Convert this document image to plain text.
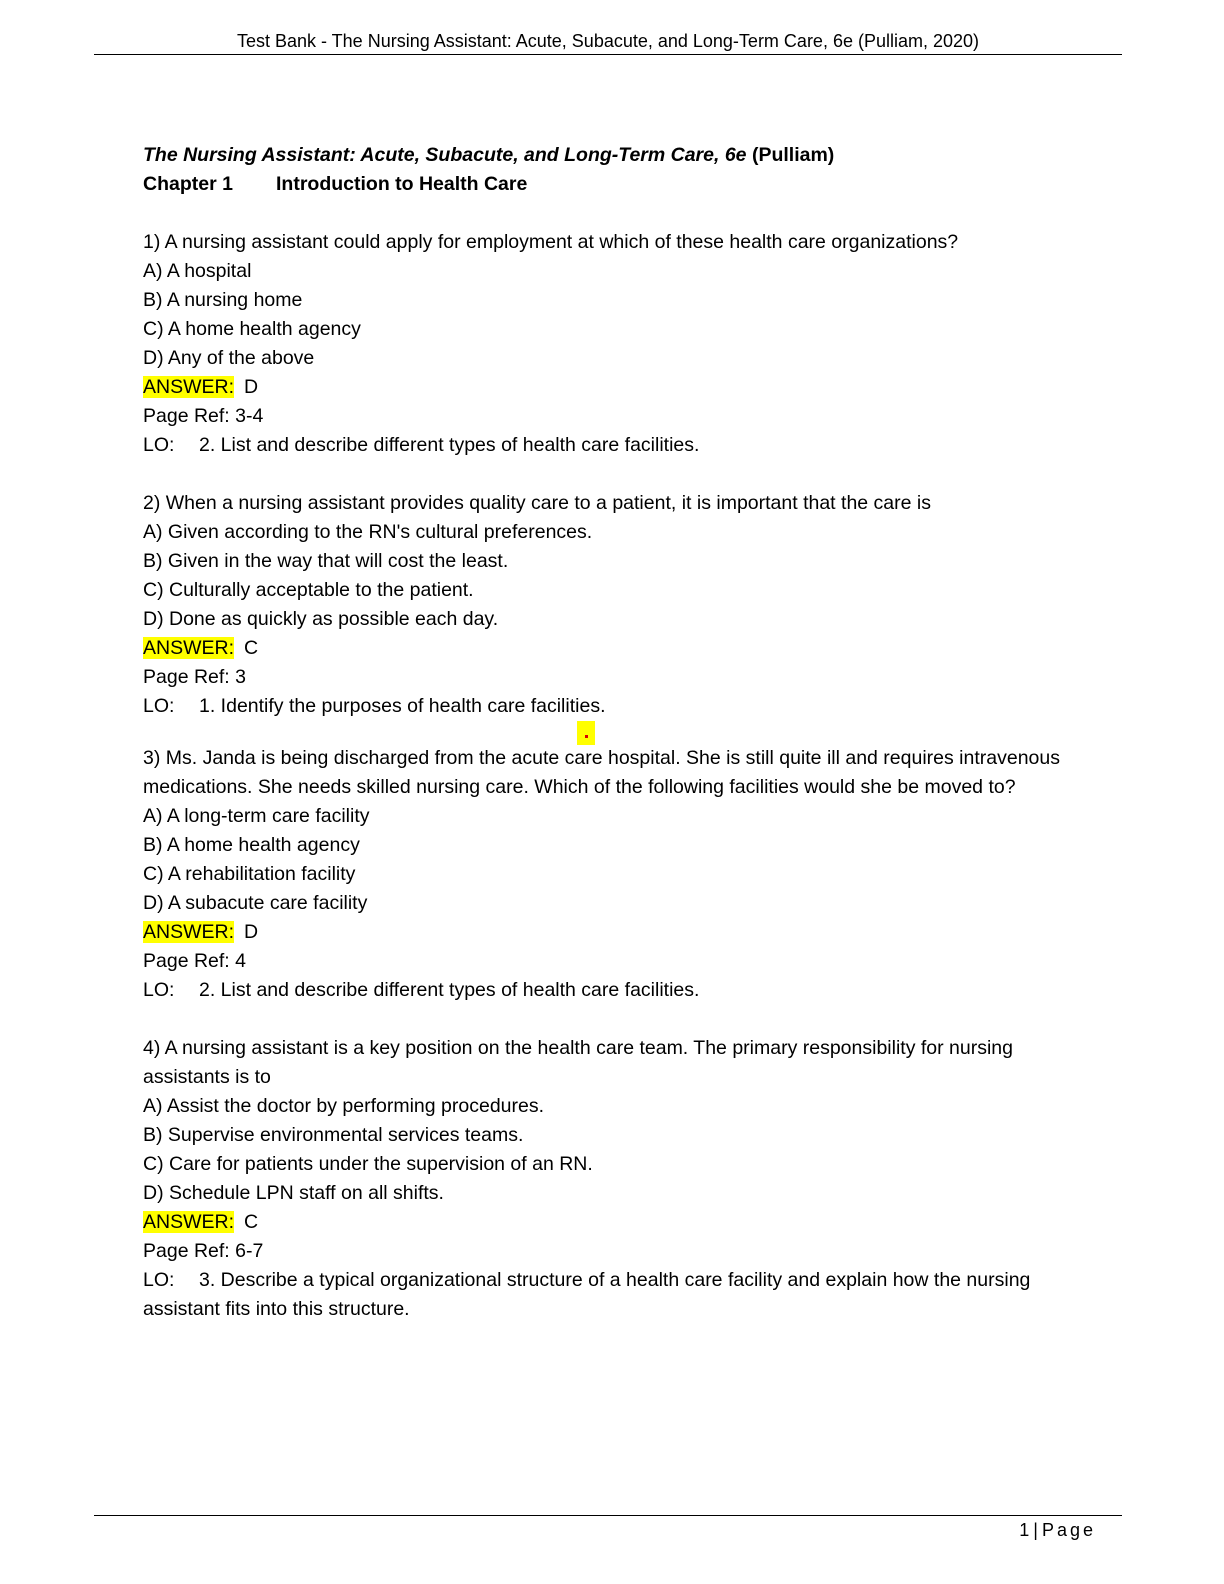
Test Bank - The Nursing Assistant: Acute, Subacute, and Long-Term Care, 6e (Pulliam, 2020)

The Nursing Assistant: Acute, Subacute, and Long-Term Care, 6e (Pulliam)

Chapter 1 Introduction to Health Care

1) A nursing assistant could apply for employment at which of these health care organizations?

A) A hospital

B) A nursing home

C) A home health agency

D) Any of the above

ANSWER: D

Page Ref: 3-4

LO: 2. List and describe different types of health care facilities.

2) When a nursing assistant provides quality care to a patient, it is important that the care is

A) Given according to the RN's cultural preferences.

B) Given in the way that will cost the least.

C) Culturally acceptable to the patient.

D) Done as quickly as possible each day.

ANSWER: C

Page Ref: 3

LO: 1. Identify the purposes of health care facilities.

3) Ms. Janda is being discharged from the acute care hospital. She is still quite ill and requires intravenous medications. She needs skilled nursing care. Which of the following facilities would she be moved to?

A) A long-term care facility

B) A home health agency

C) A rehabilitation facility

D) A subacute care facility

ANSWER: D

Page Ref: 4

LO: 2. List and describe different types of health care facilities.

4) A nursing assistant is a key position on the health care team. The primary responsibility for nursing assistants is to

A) Assist the doctor by performing procedures.

B) Supervise environmental services teams.

C) Care for patients under the supervision of an RN.

D) Schedule LPN staff on all shifts.

ANSWER: C

Page Ref: 6-7

LO: 3. Describe a typical organizational structure of a health care facility and explain how the nursing assistant fits into this structure.

1 | Page
